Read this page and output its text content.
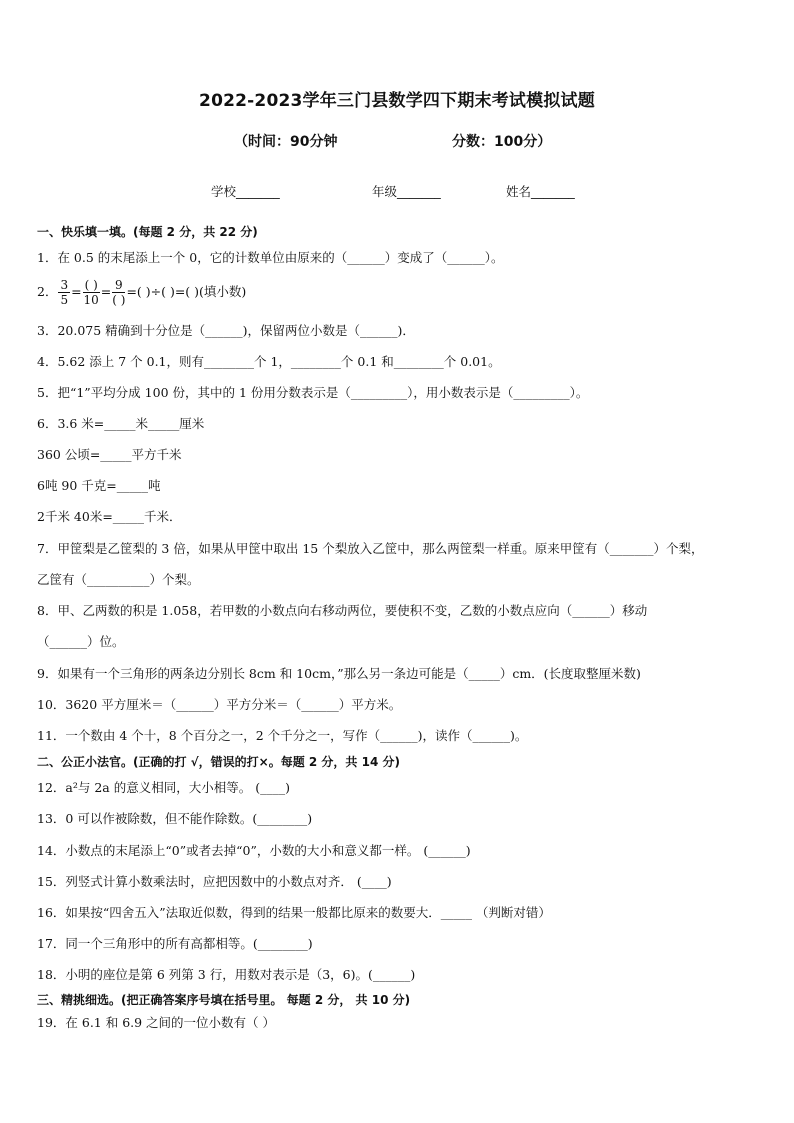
2022-2023学年三门县数学四下期末考试模拟试题
（时间：90分钟	分数：100分）
学校_______	年级_______	姓名_______
一、快乐填一填。(每题 2 分，共 22 分)
1．在 0.5 的末尾添上一个 0，它的计数单位由原来的（______）变成了（______）。
2． $\frac{3}{5} = \frac{( )}{10} = \frac{9}{( )}$ =( )÷( )=( )(填小数)
3．20.075 精确到十分位是（______)，保留两位小数是（______)．
4．5.62 添上 7 个 0.1，则有________个 1，________个 0.1 和________个 0.01。
5．把“1”平均分成 100 份，其中的 1 份用分数表示是（_________），用小数表示是（_________）。
6．3.6 米=_____米_____厘米
360 公顷=_____平方千米
6吨 90 千克=_____吨
2千米 40米=_____千米．
7．甲筐梨是乙筐梨的 3 倍，如果从甲筐中取出 15 个梨放入乙筐中，那么两筐梨一样重。原来甲筐有（_______）个梨，
乙筐有（__________）个梨。
8．甲、乙两数的积是 1.058，若甲数的小数点向右移动两位，要使积不变，乙数的小数点应向（______）移动
（______）位。
9．如果有一个三角形的两条边分别长 8cm 和 10cm，”那么另一条边可能是（_____）cm．(长度取整厘米数)
10．3620 平方厘米＝（______）平方分米＝（______）平方米。
11．一个数由 4 个十，8 个百分之一，2 个千分之一，写作（______)，读作（______)。
二、公正小法官。(正确的打 √，错误的打×。每题 2 分，共 14 分)
12．a²与 2a 的意义相同，大小相等。 (____)
13．0 可以作被除数，但不能作除数。(________)
14．小数点的末尾添上“0”或者去掉“0”，小数的大小和意义都一样。 (______)
15．列竖式计算小数乘法时，应把因数中的小数点对齐． (____)
16．如果按“四舍五入”法取近似数，得到的结果一般都比原来的数要大．_____ （判断对错）
17．同一个三角形中的所有高都相等。(________)
18．小明的座位是第 6 列第 3 行，用数对表示是（3，6)。(______)
三、精挑细选。(把正确答案序号填在括号里。 每题 2 分， 共 10 分)
19．在 6.1 和 6.9 之间的一位小数有（ ）
